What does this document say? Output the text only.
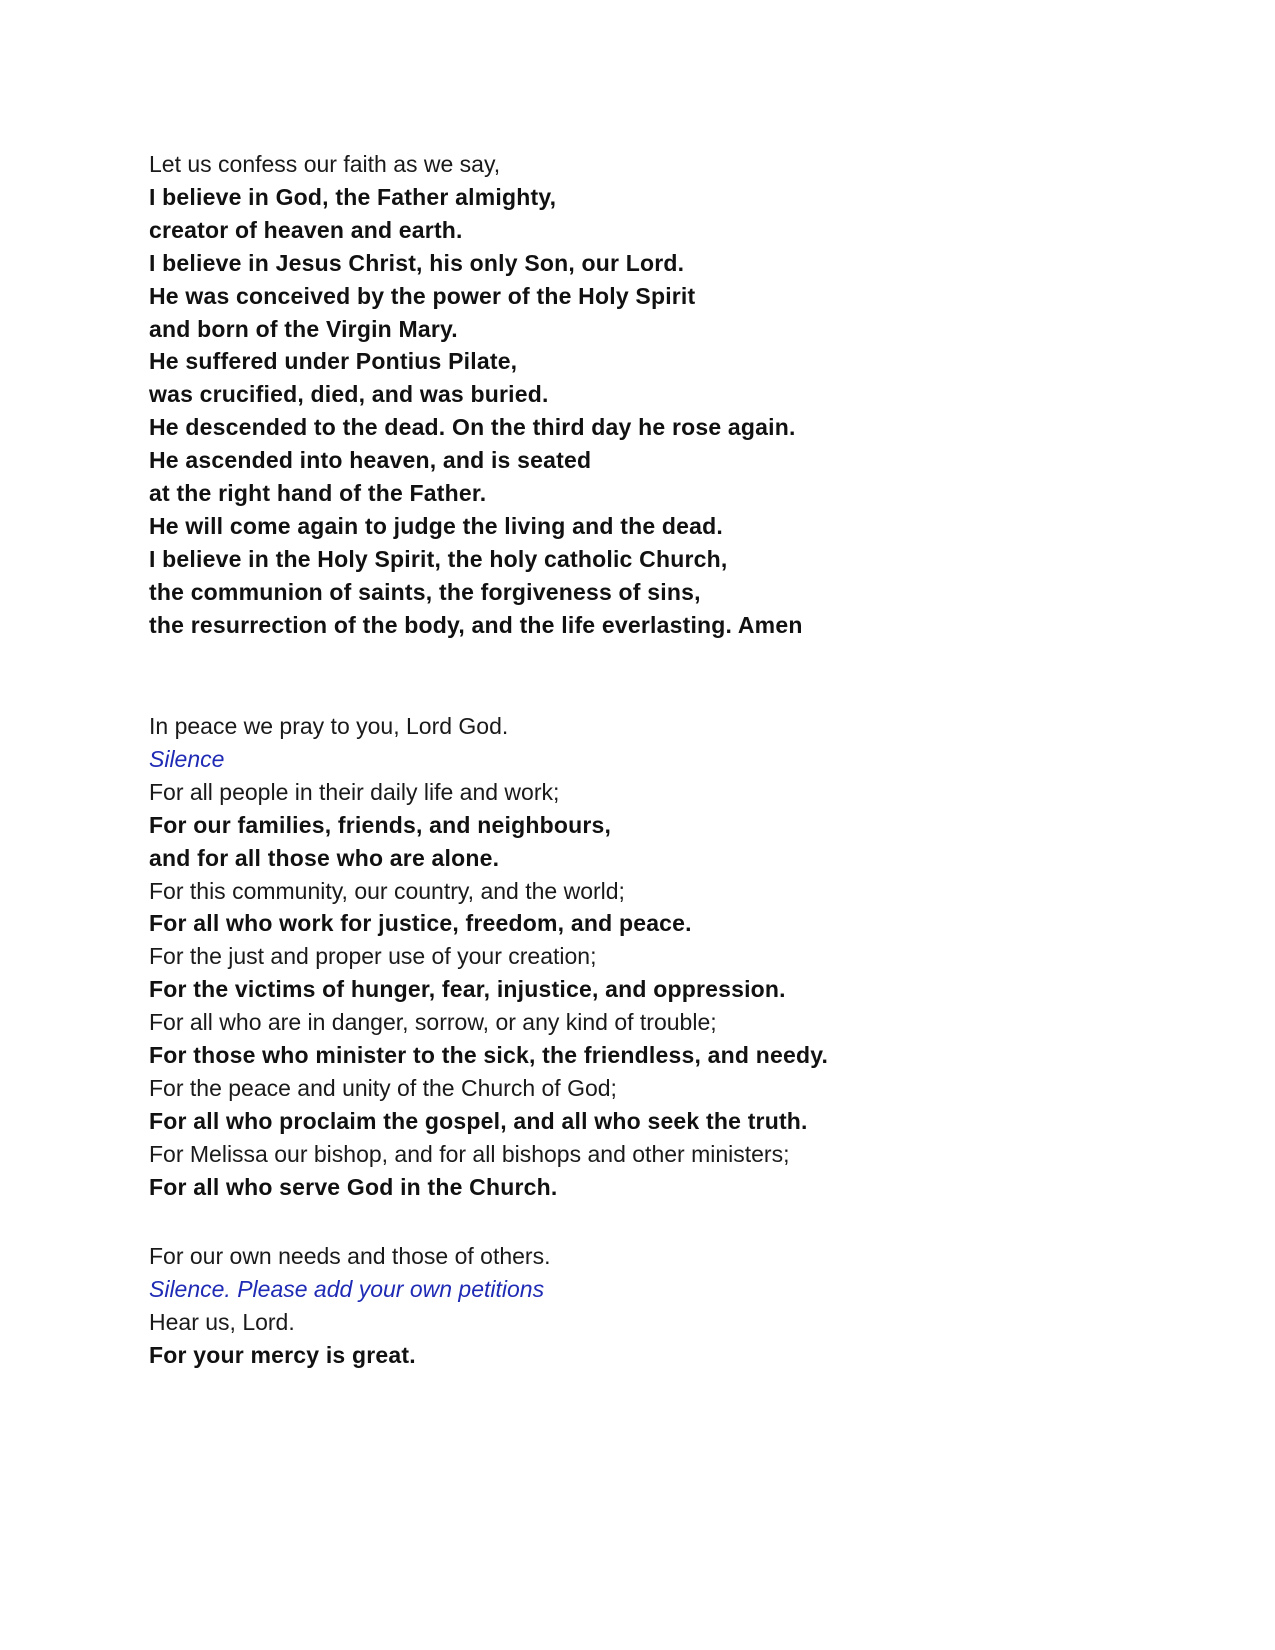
Let us confess our faith as we say,
I believe in God, the Father almighty,
creator of heaven and earth.
I believe in Jesus Christ, his only Son, our Lord.
He was conceived by the power of the Holy Spirit
and born of the Virgin Mary.
He suffered under Pontius Pilate,
was crucified, died, and was buried.
He descended to the dead. On the third day he rose again.
He ascended into heaven, and is seated
at the right hand of the Father.
He will come again to judge the living and the dead.
I believe in the Holy Spirit, the holy catholic Church,
the communion of saints, the forgiveness of sins,
the resurrection of the body, and the life everlasting. Amen
In peace we pray to you, Lord God.
Silence
For all people in their daily life and work;
For our families, friends, and neighbours,
and for all those who are alone.
For this community, our country, and the world;
For all who work for justice, freedom, and peace.
For the just and proper use of your creation;
For the victims of hunger, fear, injustice, and oppression.
For all who are in danger, sorrow, or any kind of trouble;
For those who minister to the sick, the friendless, and needy.
For the peace and unity of the Church of God;
For all who proclaim the gospel, and all who seek the truth.
For Melissa our bishop, and for all bishops and other ministers;
For all who serve God in the Church.
For our own needs and those of others.
Silence. Please add your own petitions
Hear us, Lord.
For your mercy is great.
